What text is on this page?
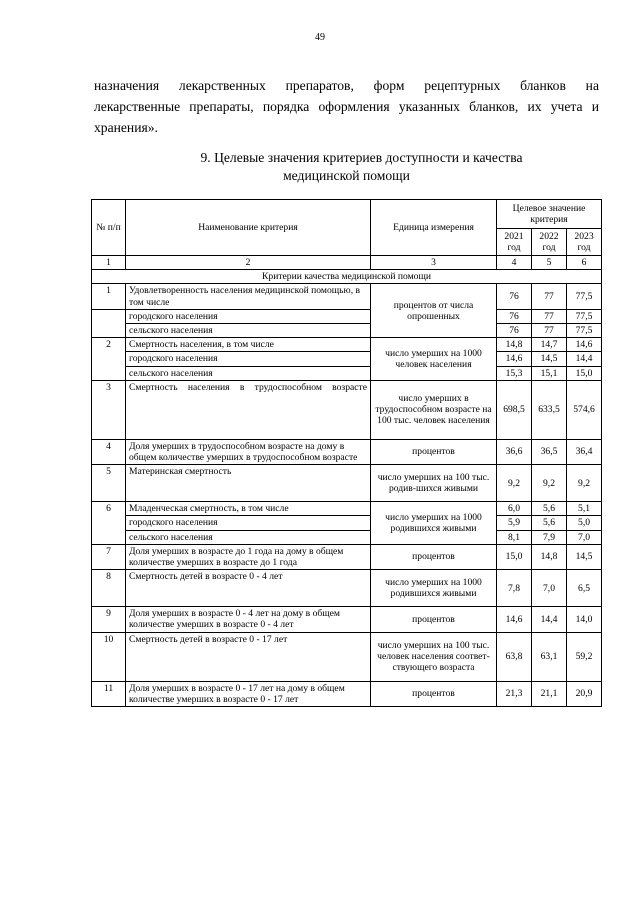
49
назначения лекарственных препаратов, форм рецептурных бланков на
лекарственные препараты, порядка оформления указанных бланков, их учета и
хранения».
9. Целевые значения критериев доступности и качества
медицинской помощи
№ п/п	Наименование критерия	Единица измерения	Целевое значение критерия		
			2021 год	2022 год	2023 год
1	2	3	4	5	6
Критерии качества медицинской помощи					
1	Удовлетворенность населения медицинской помощью, в том числе	процентов от числа опрошенных	76	77	77,5
	городского населения		76	77	77,5
	сельского населения		76	77	77,5
2	Смертность населения, в том числе	число умерших на 1000 человек населения	14,8	14,7	14,6
	городского населения		14,6	14,5	14,4
	сельского населения		15,3	15,1	15,0
3	Смертность населения в трудоспособном возрасте	число умерших в трудоспособном возрасте на 100 тыс. человек населения	698,5	633,5	574,6
4	Доля умерших в трудоспособном возрасте на дому в общем количестве умерших в трудоспособном возрасте	процентов	36,6	36,5	36,4
5	Материнская смертность	число умерших на 100 тыс. родив-шихся живыми	9,2	9,2	9,2
6	Младенческая смертность, в том числе	число умерших на 1000 родившихся живыми	6,0	5,6	5,1
	городского населения		5,9	5,6	5,0
	сельского населения		8,1	7,9	7,0
7	Доля умерших в возрасте до 1 года на дому в общем количестве умерших в возрасте до 1 года	процентов	15,0	14,8	14,5
8	Смертность детей в возрасте 0 - 4 лет	число умерших на 1000 родившихся живыми	7,8	7,0	6,5
9	Доля умерших в возрасте 0 - 4 лет на дому в общем количестве умерших в возрасте 0 - 4 лет	процентов	14,6	14,4	14,0
10	Смертность детей в возрасте 0 - 17 лет	число умерших на 100 тыс. человек населения соответ-ствующего возраста	63,8	63,1	59,2
11	Доля умерших в возрасте 0 - 17 лет на дому в общем количестве умерших в возрасте 0 - 17 лет	процентов	21,3	21,1	20,9
